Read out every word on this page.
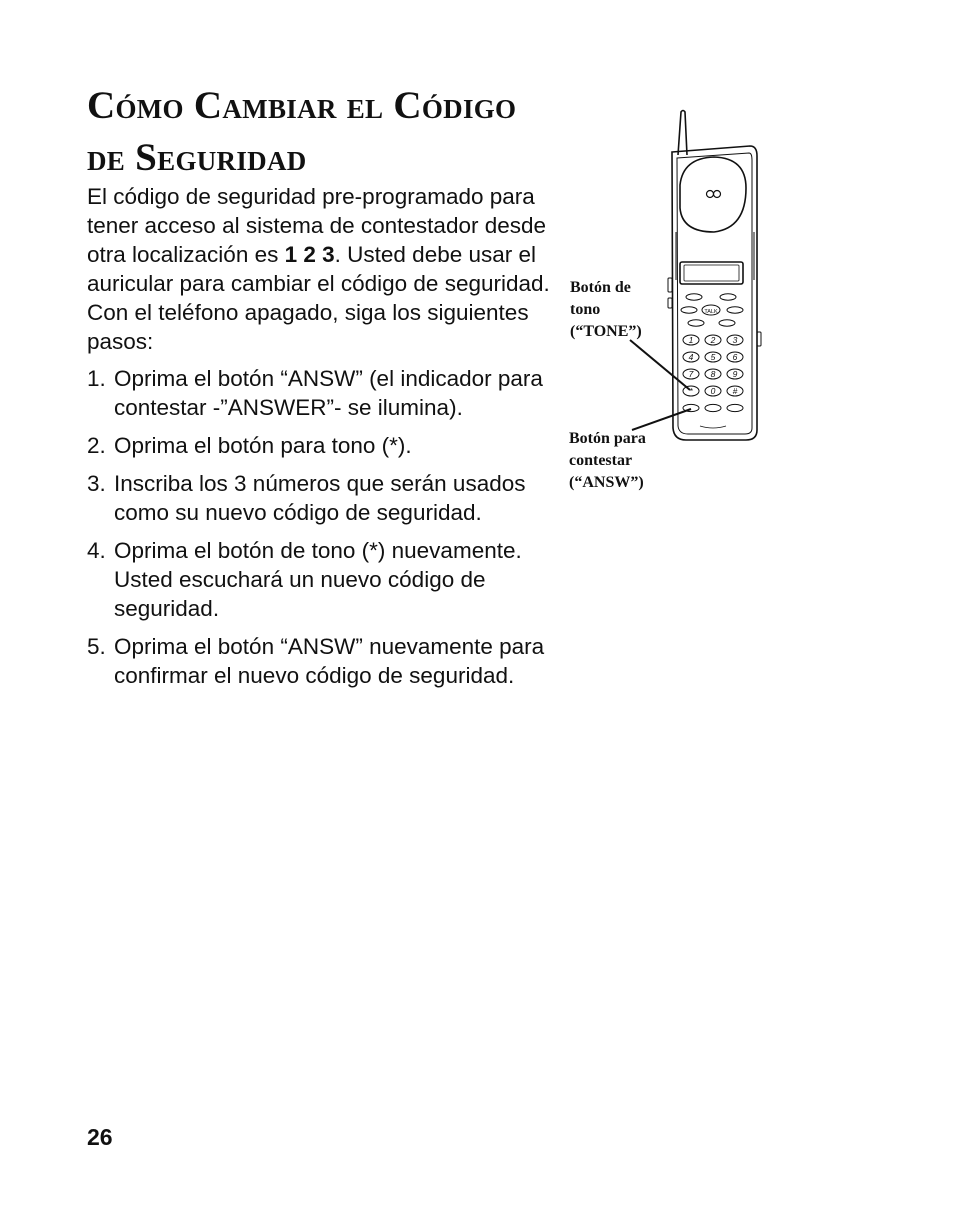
Cómo Cambiar el Código de Seguridad

El código de seguridad pre-programado para tener acceso al sistema de contestador desde otra localización es 1 2 3. Usted debe usar el auricular para cambiar el código de seguridad. Con el teléfono apagado, siga los siguientes pasos:

1. Oprima el botón “ANSW” (el indicador para contestar -”ANSWER”- se ilumina).
2. Oprima el botón para tono (*).
3. Inscriba los 3 números que serán usados como su nuevo código de seguridad.
4. Oprima el botón de tono (*) nuevamente. Usted escuchará un nuevo código de seguridad.
5. Oprima el botón “ANSW” nuevamente para confirmar el nuevo código de seguridad.
TALK
1 2 3
4 5 6
7 8 9
* 0 #
Botón de
tono
(“TONE”)
Botón para
contestar
(“ANSW”)
26
